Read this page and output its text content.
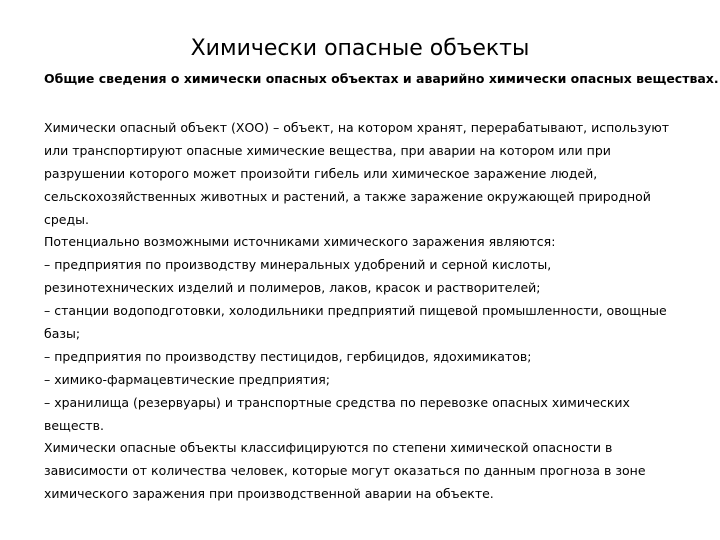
Химически опасные объекты

Общие сведения о химически опасных объектах и аварийно химически опасных веществах.

Химически опасный объект (ХОО) – объект, на котором хранят, перерабатывают, используют
или транспортируют опасные химические вещества, при аварии на котором или при
разрушении которого может произойти гибель или химическое заражение людей,
сельскохозяйственных животных и растений, а также заражение окружающей природной
среды.
Потенциально возможными источниками химического заражения являются:
– предприятия по производству минеральных удобрений и серной кислоты,
резинотехнических изделий и полимеров, лаков, красок и растворителей;
– станции водоподготовки, холодильники предприятий пищевой промышленности, овощные
базы;
– предприятия по производству пестицидов, гербицидов, ядохимикатов;
– химико-фармацевтические предприятия;
– хранилища (резервуары) и транспортные средства по перевозке опасных химических
веществ.
Химически опасные объекты классифицируются по степени химической опасности в
зависимости от количества человек, которые могут оказаться по данным прогноза в зоне
химического заражения при производственной аварии на объекте.
